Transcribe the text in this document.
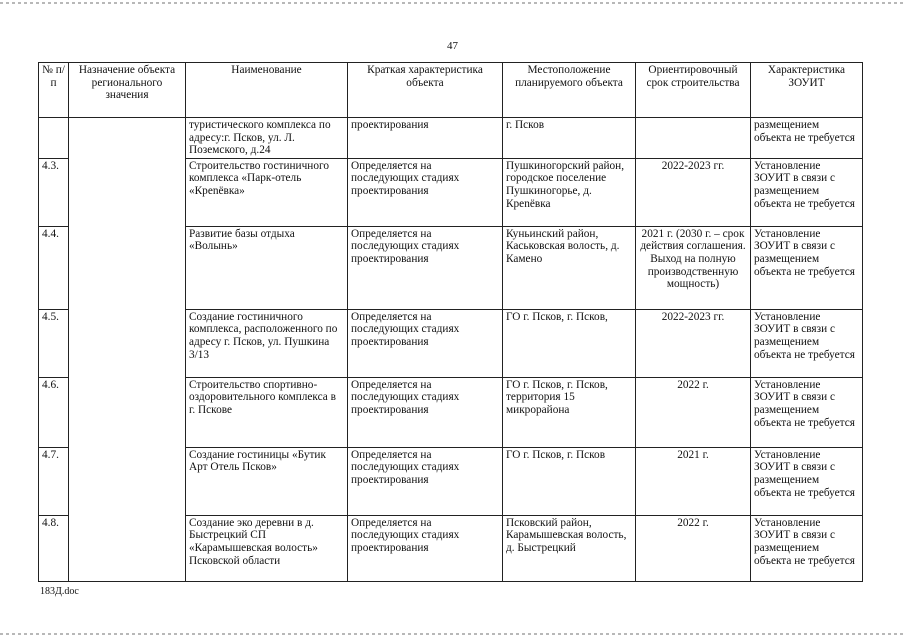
47
№ п/п	Назначение объекта регионального значения	Наименование	Краткая характеристика объекта	Местоположение планируемого объекта	Ориентировочный срок строительства	Характеристика ЗОУИТ
		туристического комплекса по адресу:г. Псков, ул. Л. Поземского, д.24	проектирования	г. Псков		размещением объекта не требуется
4.3.		Строительство гостиничного комплекса «Парк-отель «Креnёвка»	Определяется на последующих стадиях проектирования	Пушкиногорский район, городское поселение Пушкиногорье, д. Креnёвка	2022-2023 гг.	Установление ЗОУИТ в связи с размещением объекта не требуется
4.4.		Развитие базы отдыха «Волынь»	Определяется на последующих стадиях проектирования	Куньинский район, Каськовская волость, д. Камено	2021 г. (2030 г. – срок действия соглашения. Выход на полную производственную мощность)	Установление ЗОУИТ в связи с размещением объекта не требуется
4.5.		Создание гостиничного комплекса, расположенного по адресу г. Псков, ул. Пушкина 3/13	Определяется на последующих стадиях проектирования	ГО г. Псков, г. Псков,	2022-2023 гг.	Установление ЗОУИТ в связи с размещением объекта не требуется
4.6.		Строительство спортивно-оздоровительного комплекса в г. Пскове	Определяется на последующих стадиях проектирования	ГО г. Псков, г. Псков, территория 15 микрорайона	2022 г.	Установление ЗОУИТ в связи с размещением объекта не требуется
4.7.		Создание гостиницы «Бутик Арт Отель Псков»	Определяется на последующих стадиях проектирования	ГО г. Псков, г. Псков	2021 г.	Установление ЗОУИТ в связи с размещением объекта не требуется
4.8.		Создание эко деревни в д. Быстрецкий СП «Карамышевская волость» Псковской области	Определяется на последующих стадиях проектирования	Псковский район, Карамышевская волость, д. Быстрецкий	2022 г.	Установление ЗОУИТ в связи с размещением объекта не требуется
183Д.doc
